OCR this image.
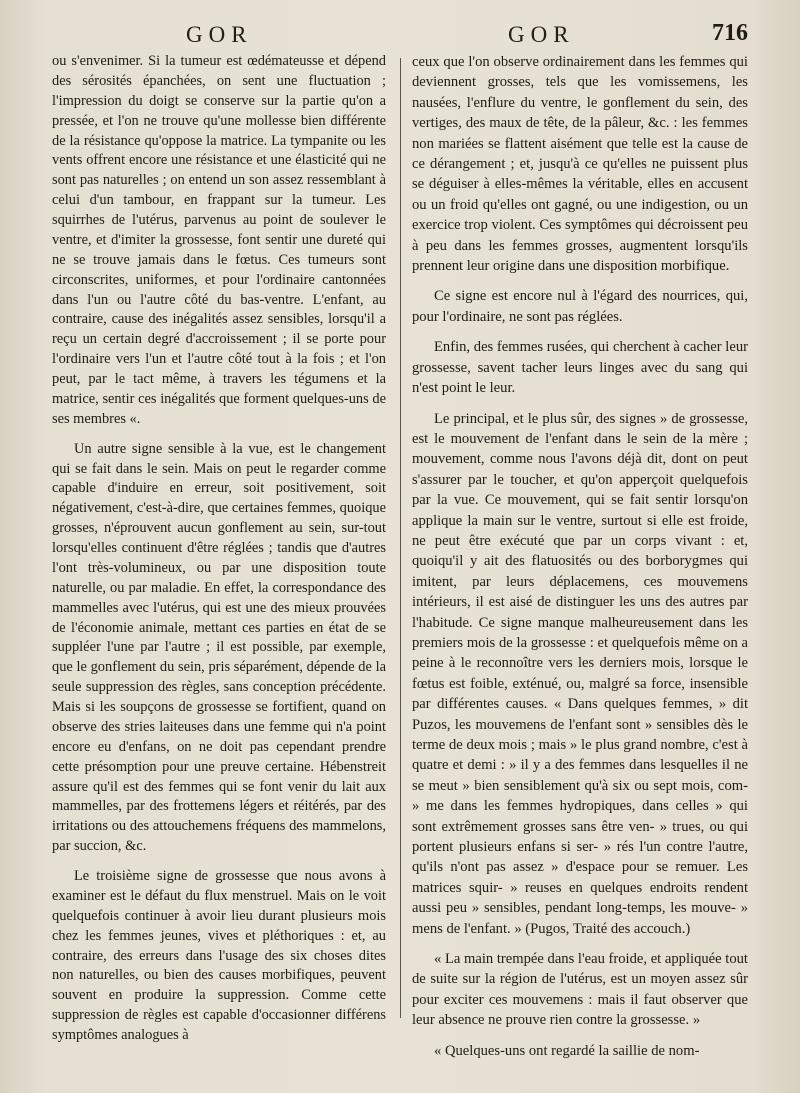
GOR	GOR	716

ou s'envenimer. Si la tumeur est œdémateusse et dépend des sérosités épanchées, on sent une fluctuation ; l'impression du doigt se conserve sur la partie qu'on a pressée, et l'on ne trouve qu'une mollesse bien différente de la résistance qu'oppose la matrice. La tympanite ou les vents offrent encore une résistance et une élasticité qui ne sont pas naturelles ; on entend un son assez ressemblant à celui d'un tambour, en frappant sur la tumeur. Les squirrhes de l'utérus, parvenus au point de soulever le ventre, et d'imiter la grossesse, font sentir une dureté qui ne se trouve jamais dans le fœtus. Ces tumeurs sont circonscrites, uniformes, et pour l'ordinaire cantonnées dans l'un ou l'autre côté du bas-ventre. L'enfant, au contraire, cause des inégalités assez sensibles, lorsqu'il a reçu un certain degré d'accroissement ; il se porte pour l'ordinaire vers l'un et l'autre côté tout à la fois ; et l'on peut, par le tact même, à travers les tégumens et la matrice, sentir ces inégalités que forment quelques-uns de ses membres «.

Un autre signe sensible à la vue, est le changement qui se fait dans le sein. Mais on peut le regarder comme capable d'induire en erreur, soit positivement, soit négativement, c'est-à-dire, que certaines femmes, quoique grosses, n'éprouvent aucun gonflement au sein, sur-tout lorsqu'elles continuent d'être réglées ; tandis que d'autres l'ont très-volumineux, ou par une disposition toute naturelle, ou par maladie. En effet, la correspondance des mammelles avec l'utérus, qui est une des mieux prouvées de l'économie animale, mettant ces parties en état de se suppléer l'une par l'autre ; il est possible, par exemple, que le gonflement du sein, pris séparément, dépende de la seule suppression des règles, sans conception précédente. Mais si les soupçons de grossesse se fortifient, quand on observe des stries laiteuses dans une femme qui n'a point encore eu d'enfans, on ne doit pas cependant prendre cette présomption pour une preuve certaine. Hébenstreit assure qu'il est des femmes qui se font venir du lait aux mammelles, par des frottemens légers et réitérés, par des irritations ou des attouchemens fréquens des mammelons, par succion, &c.

Le troisième signe de grossesse que nous avons à examiner est le défaut du flux menstruel. Mais on le voit quelquefois continuer à avoir lieu durant plusieurs mois chez les femmes jeunes, vives et pléthoriques : et, au contraire, des erreurs dans l'usage des six choses dites non naturelles, ou bien des causes morbifiques, peuvent souvent en produire la suppression. Comme cette suppression de règles est capable d'occasionner différens symptômes analogues à

ceux que l'on observe ordinairement dans les femmes qui deviennent grosses, tels que les vomissemens, les nausées, l'enflure du ventre, le gonflement du sein, des vertiges, des maux de tête, de la pâleur, &c. : les femmes non mariées se flattent aisément que telle est la cause de ce dérangement ; et, jusqu'à ce qu'elles ne puissent plus se déguiser à elles-mêmes la véritable, elles en accusent ou un froid qu'elles ont gagné, ou une indigestion, ou un exercice trop violent. Ces symptômes qui décroissent peu à peu dans les femmes grosses, augmentent lorsqu'ils prennent leur origine dans une disposition morbifique.

Ce signe est encore nul à l'égard des nourrices, qui, pour l'ordinaire, ne sont pas réglées.

Enfin, des femmes rusées, qui cherchent à cacher leur grossesse, savent tacher leurs linges avec du sang qui n'est point le leur.

Le principal, et le plus sûr, des signes » de grossesse, est le mouvement de l'enfant dans le sein de la mère ; mouvement, comme nous l'avons déjà dit, dont on peut s'assurer par le toucher, et qu'on apperçoit quelquefois par la vue. Ce mouvement, qui se fait sentir lorsqu'on applique la main sur le ventre, surtout si elle est froide, ne peut être exécuté que par un corps vivant : et, quoiqu'il y ait des flatuosités ou des borborygmes qui imitent, par leurs déplacemens, ces mouvemens intérieurs, il est aisé de distinguer les uns des autres par l'habitude. Ce signe manque malheureusement dans les premiers mois de la grossesse : et quelquefois même on a peine à le reconnoître vers les derniers mois, lorsque le fœtus est foible, exténué, ou, malgré sa force, insensible par différentes causes. « Dans quelques femmes, » dit Puzos, les mouvemens de l'enfant sont » sensibles dès le terme de deux mois ; mais » le plus grand nombre, c'est à quatre et demi : » il y a des femmes dans lesquelles il ne se meut » bien sensiblement qu'à six ou sept mois, com- » me dans les femmes hydropiques, dans celles » qui sont extrêmement grosses sans être ven- » trues, ou qui portent plusieurs enfans si ser- » rés l'un contre l'autre, qu'ils n'ont pas assez » d'espace pour se remuer. Les matrices squir- » reuses en quelques endroits rendent aussi peu » sensibles, pendant long-temps, les mouve- » mens de l'enfant. » (Pugos, Traité des accouch.)

« La main trempée dans l'eau froide, et appliquée tout de suite sur la région de l'utérus, est un moyen assez sûr pour exciter ces mouvemens : mais il faut observer que leur absence ne prouve rien contre la grossesse. »

« Quelques-uns ont regardé la saillie de nom-
